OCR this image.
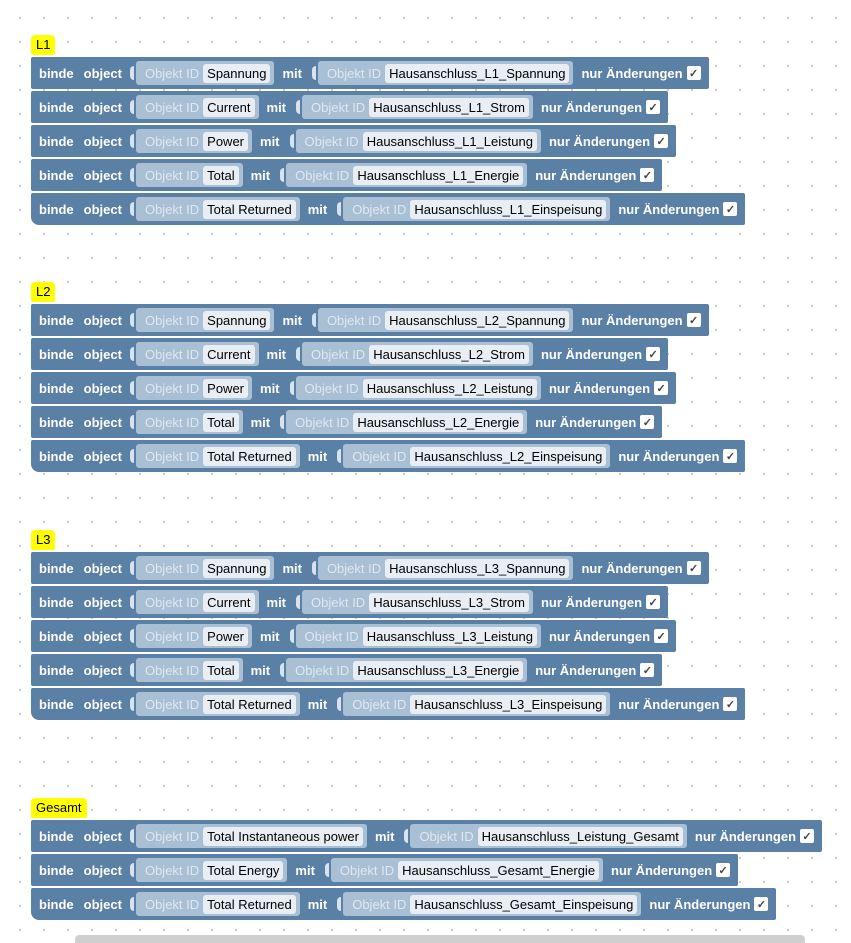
L1
binde object Objekt ID Spannung	mit Objekt ID Hausanschluss_L1_Spannung	nur Änderungen ✓
binde object Objekt ID Current	mit Objekt ID Hausanschluss_L1_Strom	nur Änderungen ✓
binde object Objekt ID Power	mit Objekt ID Hausanschluss_L1_Leistung	nur Änderungen ✓
binde object Objekt ID Total	mit Objekt ID Hausanschluss_L1_Energie	nur Änderungen ✓
binde object Objekt ID Total Returned	mit Objekt ID Hausanschluss_L1_Einspeisung	nur Änderungen ✓
L2
binde object Objekt ID Spannung	mit Objekt ID Hausanschluss_L2_Spannung	nur Änderungen ✓
binde object Objekt ID Current	mit Objekt ID Hausanschluss_L2_Strom	nur Änderungen ✓
binde object Objekt ID Power	mit Objekt ID Hausanschluss_L2_Leistung	nur Änderungen ✓
binde object Objekt ID Total	mit Objekt ID Hausanschluss_L2_Energie	nur Änderungen ✓
binde object Objekt ID Total Returned	mit Objekt ID Hausanschluss_L2_Einspeisung	nur Änderungen ✓
L3
binde object Objekt ID Spannung	mit Objekt ID Hausanschluss_L3_Spannung	nur Änderungen ✓
binde object Objekt ID Current	mit Objekt ID Hausanschluss_L3_Strom	nur Änderungen ✓
binde object Objekt ID Power	mit Objekt ID Hausanschluss_L3_Leistung	nur Änderungen ✓
binde object Objekt ID Total	mit Objekt ID Hausanschluss_L3_Energie	nur Änderungen ✓
binde object Objekt ID Total Returned	mit Objekt ID Hausanschluss_L3_Einspeisung	nur Änderungen ✓
Gesamt
binde object Objekt ID Total Instantaneous power	mit Objekt ID Hausanschluss_Leistung_Gesamt	nur Änderungen ✓
binde object Objekt ID Total Energy	mit Objekt ID Hausanschluss_Gesamt_Energie	nur Änderungen ✓
binde object Objekt ID Total Returned	mit Objekt ID Hausanschluss_Gesamt_Einspeisung	nur Änderungen ✓
